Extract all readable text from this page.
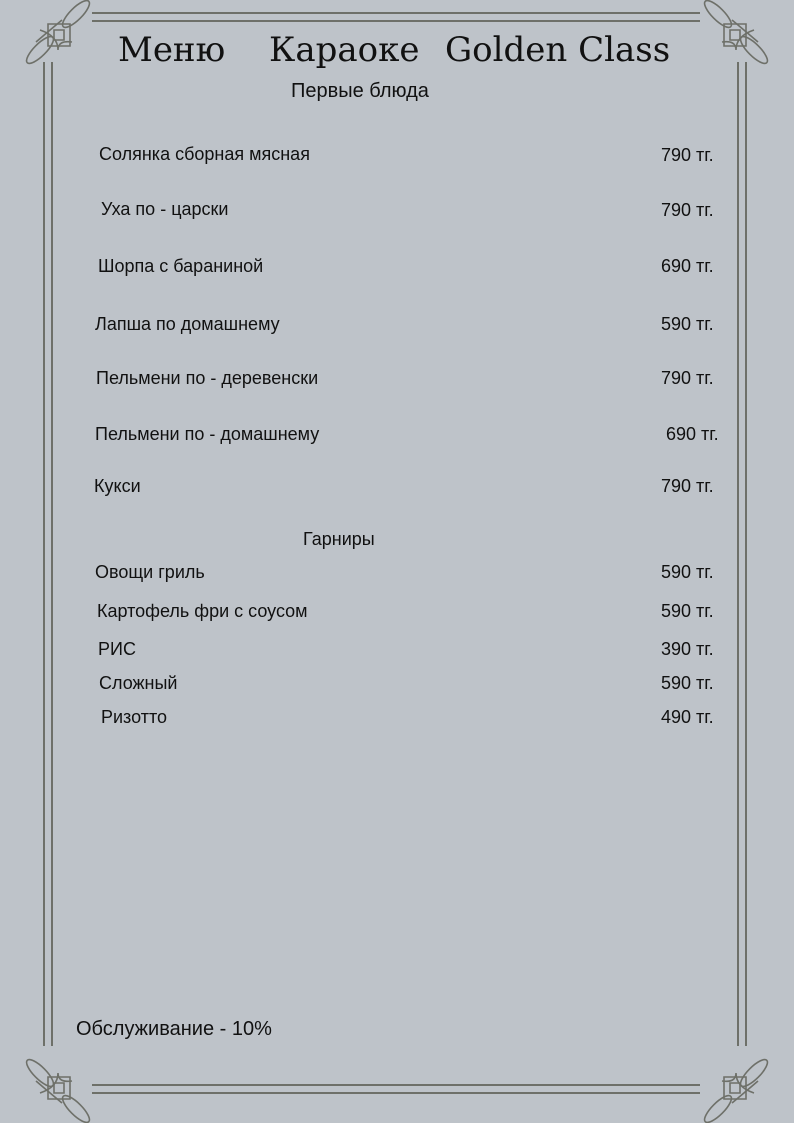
Меню Караоке Golden Class
Первые блюда
Солянка сборная мясная	790 тг.
Уха по - царски	790 тг.
Шорпа с бараниной	690 тг.
Лапша по домашнему	590 тг.
Пельмени по - деревенски	790 тг.
Пельмени по - домашнему	690 тг.
Кукси	790 тг.
Гарниры
Овощи гриль	590 тг.
Картофель фри с соусом	590 тг.
РИС	390 тг.
Сложный	590 тг.
Ризотто	490 тг.
Обслуживание - 10%
